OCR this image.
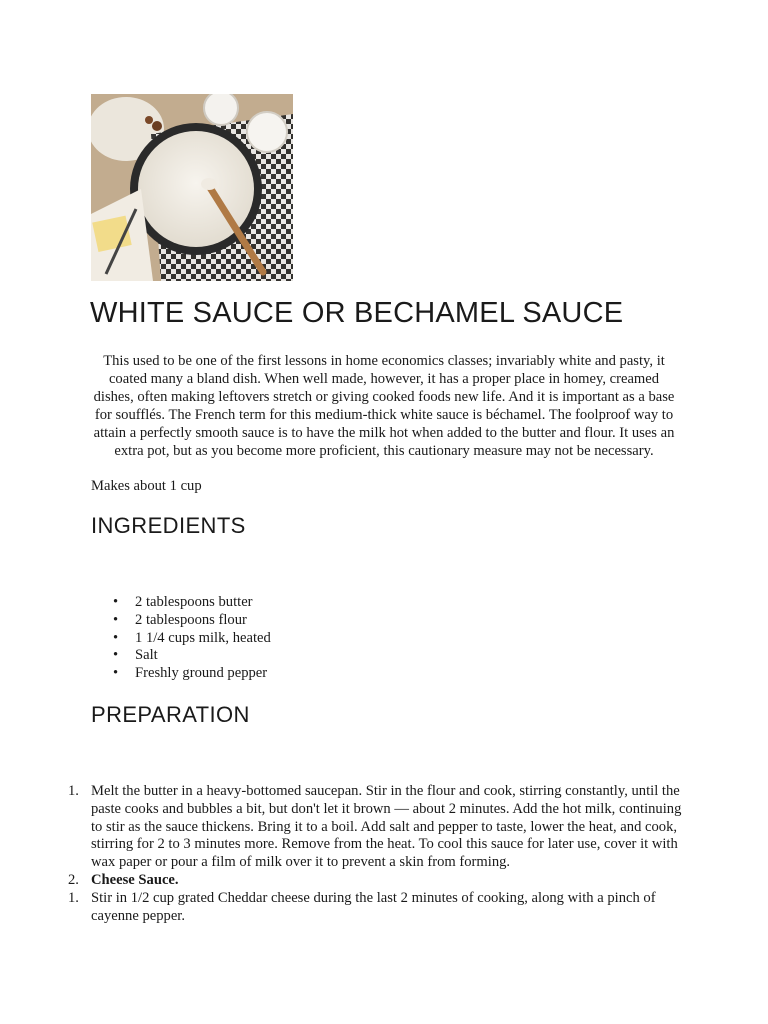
WHITE SAUCE OR BECHAMEL SAUCE

This used to be one of the first lessons in home economics classes; invariably white and pasty, it coated many a bland dish. When well made, however, it has a proper place in homey, creamed dishes, often making leftovers stretch or giving cooked foods new life. And it is important as a base for soufflés. The French term for this medium-thick white sauce is béchamel. The foolproof way to attain a perfectly smooth sauce is to have the milk hot when added to the butter and flour. It uses an extra pot, but as you become more proficient, this cautionary measure may not be necessary.

Makes about 1 cup

INGREDIENTS
• 2 tablespoons butter
• 2 tablespoons flour
• 1 1/4 cups milk, heated
• Salt
• Freshly ground pepper
PREPARATION
1. Melt the butter in a heavy-bottomed saucepan. Stir in the flour and cook, stirring constantly, until the paste cooks and bubbles a bit, but don't let it brown — about 2 minutes. Add the hot milk, continuing to stir as the sauce thickens. Bring it to a boil. Add salt and pepper to taste, lower the heat, and cook, stirring for 2 to 3 minutes more. Remove from the heat. To cool this sauce for later use, cover it with wax paper or pour a film of milk over it to prevent a skin from forming.
2. Cheese Sauce.
1. Stir in 1/2 cup grated Cheddar cheese during the last 2 minutes of cooking, along with a pinch of cayenne pepper.
